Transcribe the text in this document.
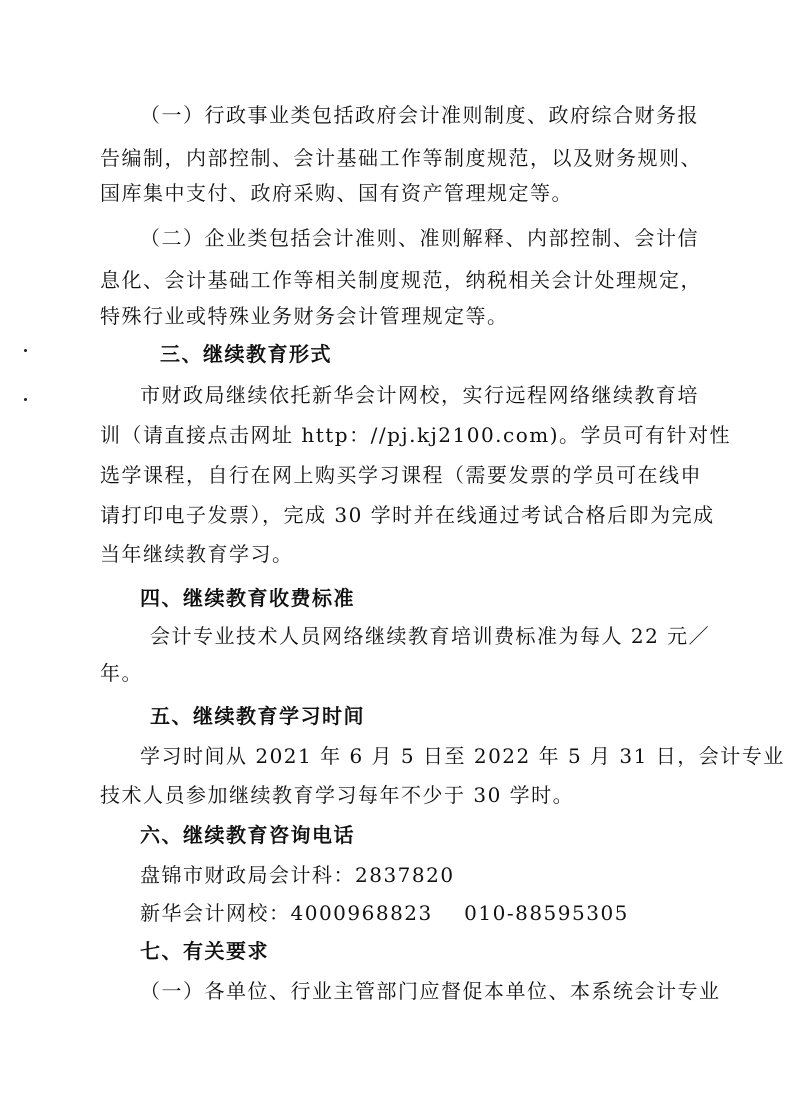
（一）行政事业类包括政府会计准则制度、政府综合财务报
告编制，内部控制、会计基础工作等制度规范，以及财务规则、
国库集中支付、政府采购、国有资产管理规定等。
（二）企业类包括会计准则、准则解释、内部控制、会计信
息化、会计基础工作等相关制度规范，纳税相关会计处理规定，
特殊行业或特殊业务财务会计管理规定等。
三、继续教育形式
市财政局继续依托新华会计网校，实行远程网络继续教育培
训（请直接点击网址 http：//pj.kj2100.com)。学员可有针对性
选学课程，自行在网上购买学习课程（需要发票的学员可在线申
请打印电子发票），完成 30 学时并在线通过考试合格后即为完成
当年继续教育学习。
四、继续教育收费标准
会计专业技术人员网络继续教育培训费标准为每人 22 元／
年。
五、继续教育学习时间
学习时间从 2021 年 6 月 5 日至 2022 年 5 月 31 日，会计专业
技术人员参加继续教育学习每年不少于 30 学时。
六、继续教育咨询电话
盘锦市财政局会计科：2837820
新华会计网校：4000968823    010-88595305
七、有关要求
（一）各单位、行业主管部门应督促本单位、本系统会计专业
